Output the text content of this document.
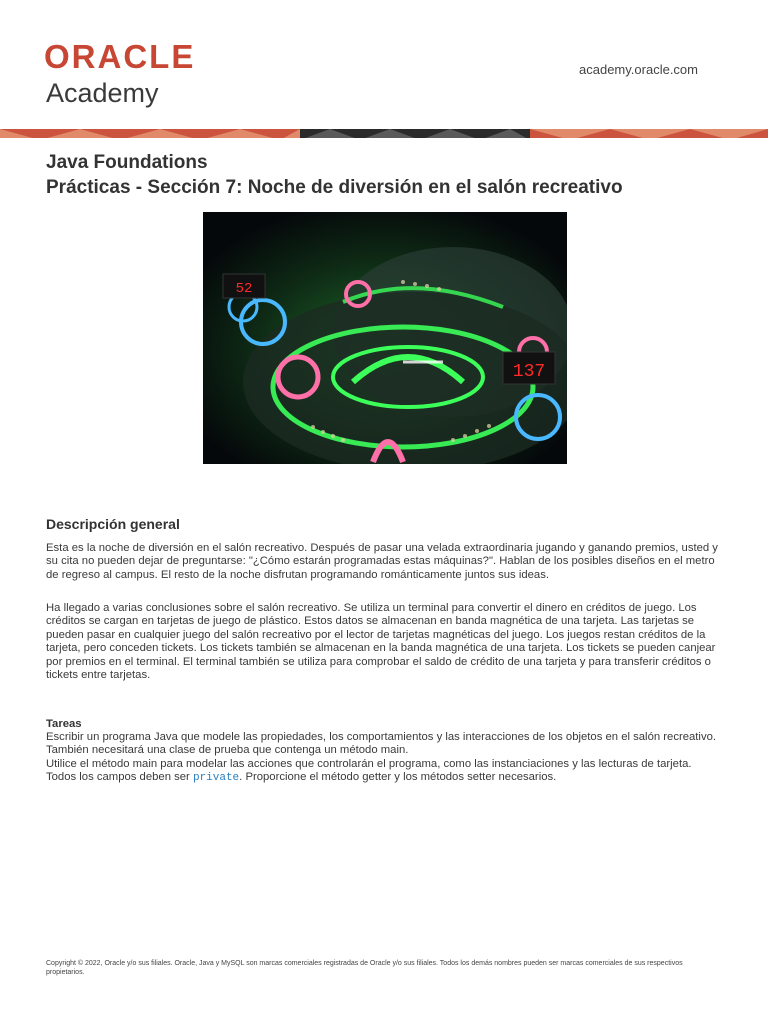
ORACLE
Academy
academy.oracle.com
Java Foundations
Prácticas - Sección 7: Noche de diversión en el salón recreativo
52
137
Descripción general

Esta es la noche de diversión en el salón recreativo. Después de pasar una velada extraordinaria jugando y ganando premios, usted y su cita no pueden dejar de preguntarse: "¿Cómo estarán programadas estas máquinas?". Hablan de los posibles diseños en el metro de regreso al campus. El resto de la noche disfrutan programando románticamente juntos sus ideas.

Ha llegado a varias conclusiones sobre el salón recreativo. Se utiliza un terminal para convertir el dinero en créditos de juego. Los créditos se cargan en tarjetas de juego de plástico. Estos datos se almacenan en banda magnética de una tarjeta. Las tarjetas se pueden pasar en cualquier juego del salón recreativo por el lector de tarjetas magnéticas del juego. Los juegos restan créditos de la tarjeta, pero conceden tickets. Los tickets también se almacenan en la banda magnética de una tarjeta. Los tickets se pueden canjear por premios en el terminal. El terminal también se utiliza para comprobar el saldo de crédito de una tarjeta y para transferir créditos o tickets entre tarjetas.

Tareas

Escribir un programa Java que modele las propiedades, los comportamientos y las interacciones de los objetos en el salón recreativo. También necesitará una clase de prueba que contenga un método main.
Utilice el método main para modelar las acciones que controlarán el programa, como las instanciaciones y las lecturas de tarjeta.
Todos los campos deben ser private. Proporcione el método getter y los métodos setter necesarios.

Copyright © 2022, Oracle y/o sus filiales. Oracle, Java y MySQL son marcas comerciales registradas de Oracle y/o sus filiales. Todos los demás nombres pueden ser marcas comerciales de sus respectivos propietarios.
